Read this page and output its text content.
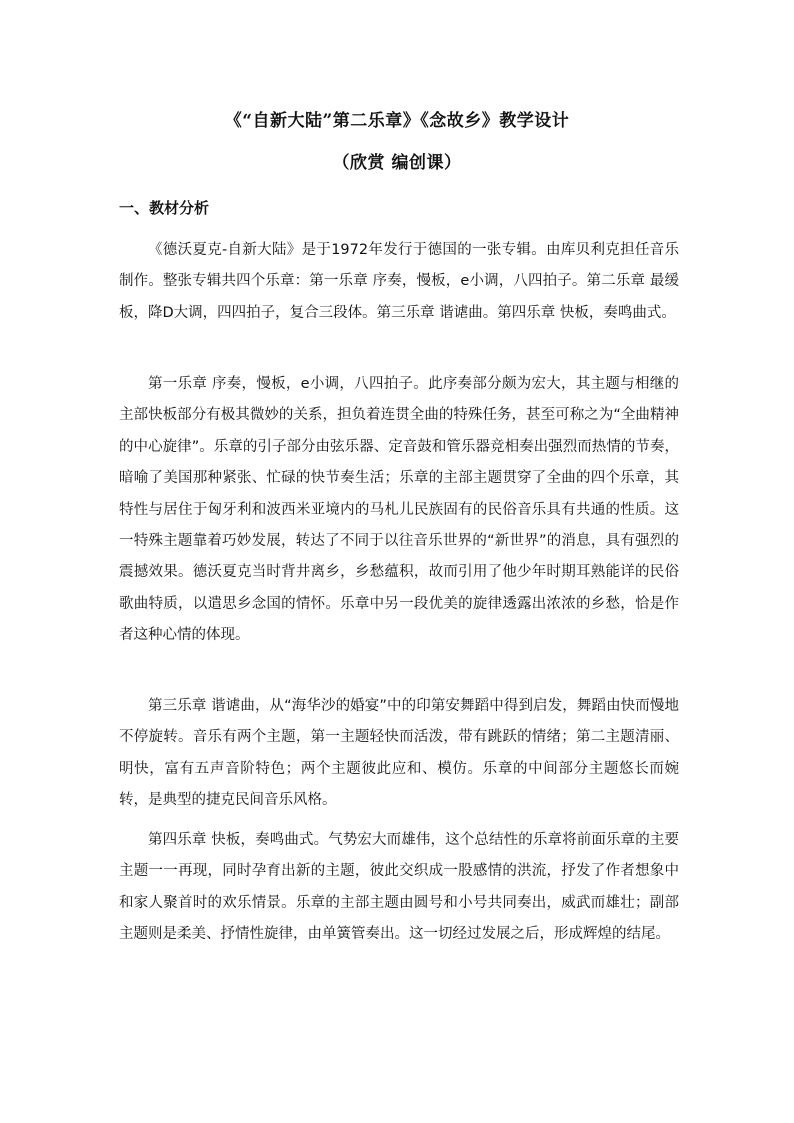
《“自新大陆”第二乐章》《念故乡》教学设计
（欣赏 编创课）
一、教材分析

《德沃夏克-自新大陆》是于1972年发行于德国的一张专辑。由库贝利克担任音乐制作。整张专辑共四个乐章：第一乐章 序奏，慢板，e小调，八四拍子。第二乐章 最缓板，降D大调，四四拍子，复合三段体。第三乐章 谐谑曲。第四乐章 快板，奏鸣曲式。

第一乐章 序奏，慢板，e小调，八四拍子。此序奏部分颇为宏大，其主题与相继的主部快板部分有极其微妙的关系，担负着连贯全曲的特殊任务，甚至可称之为“全曲精神的中心旋律”。乐章的引子部分由弦乐器、定音鼓和管乐器竞相奏出强烈而热情的节奏，暗喻了美国那种紧张、忙碌的快节奏生活；乐章的主部主题贯穿了全曲的四个乐章，其特性与居住于匈牙利和波西米亚境内的马札儿民族固有的民俗音乐具有共通的性质。这一特殊主题靠着巧妙发展，转达了不同于以往音乐世界的“新世界”的消息，具有强烈的震撼效果。德沃夏克当时背井离乡，乡愁蕴积，故而引用了他少年时期耳熟能详的民俗歌曲特质，以遣思乡念国的情怀。乐章中另一段优美的旋律透露出浓浓的乡愁，恰是作者这种心情的体现。

第三乐章 谐谑曲，从“海华沙的婚宴”中的印第安舞蹈中得到启发，舞蹈由快而慢地不停旋转。音乐有两个主题，第一主题轻快而活泼，带有跳跃的情绪；第二主题清丽、明快，富有五声音阶特色；两个主题彼此应和、模仿。乐章的中间部分主题悠长而婉转，是典型的捷克民间音乐风格。

第四乐章 快板，奏鸣曲式。气势宏大而雄伟，这个总结性的乐章将前面乐章的主要主题一一再现，同时孕育出新的主题，彼此交织成一股感情的洪流，抒发了作者想象中和家人聚首时的欢乐情景。乐章的主部主题由圆号和小号共同奏出，威武而雄壮；副部主题则是柔美、抒情性旋律，由单簧管奏出。这一切经过发展之后，形成辉煌的结尾。
